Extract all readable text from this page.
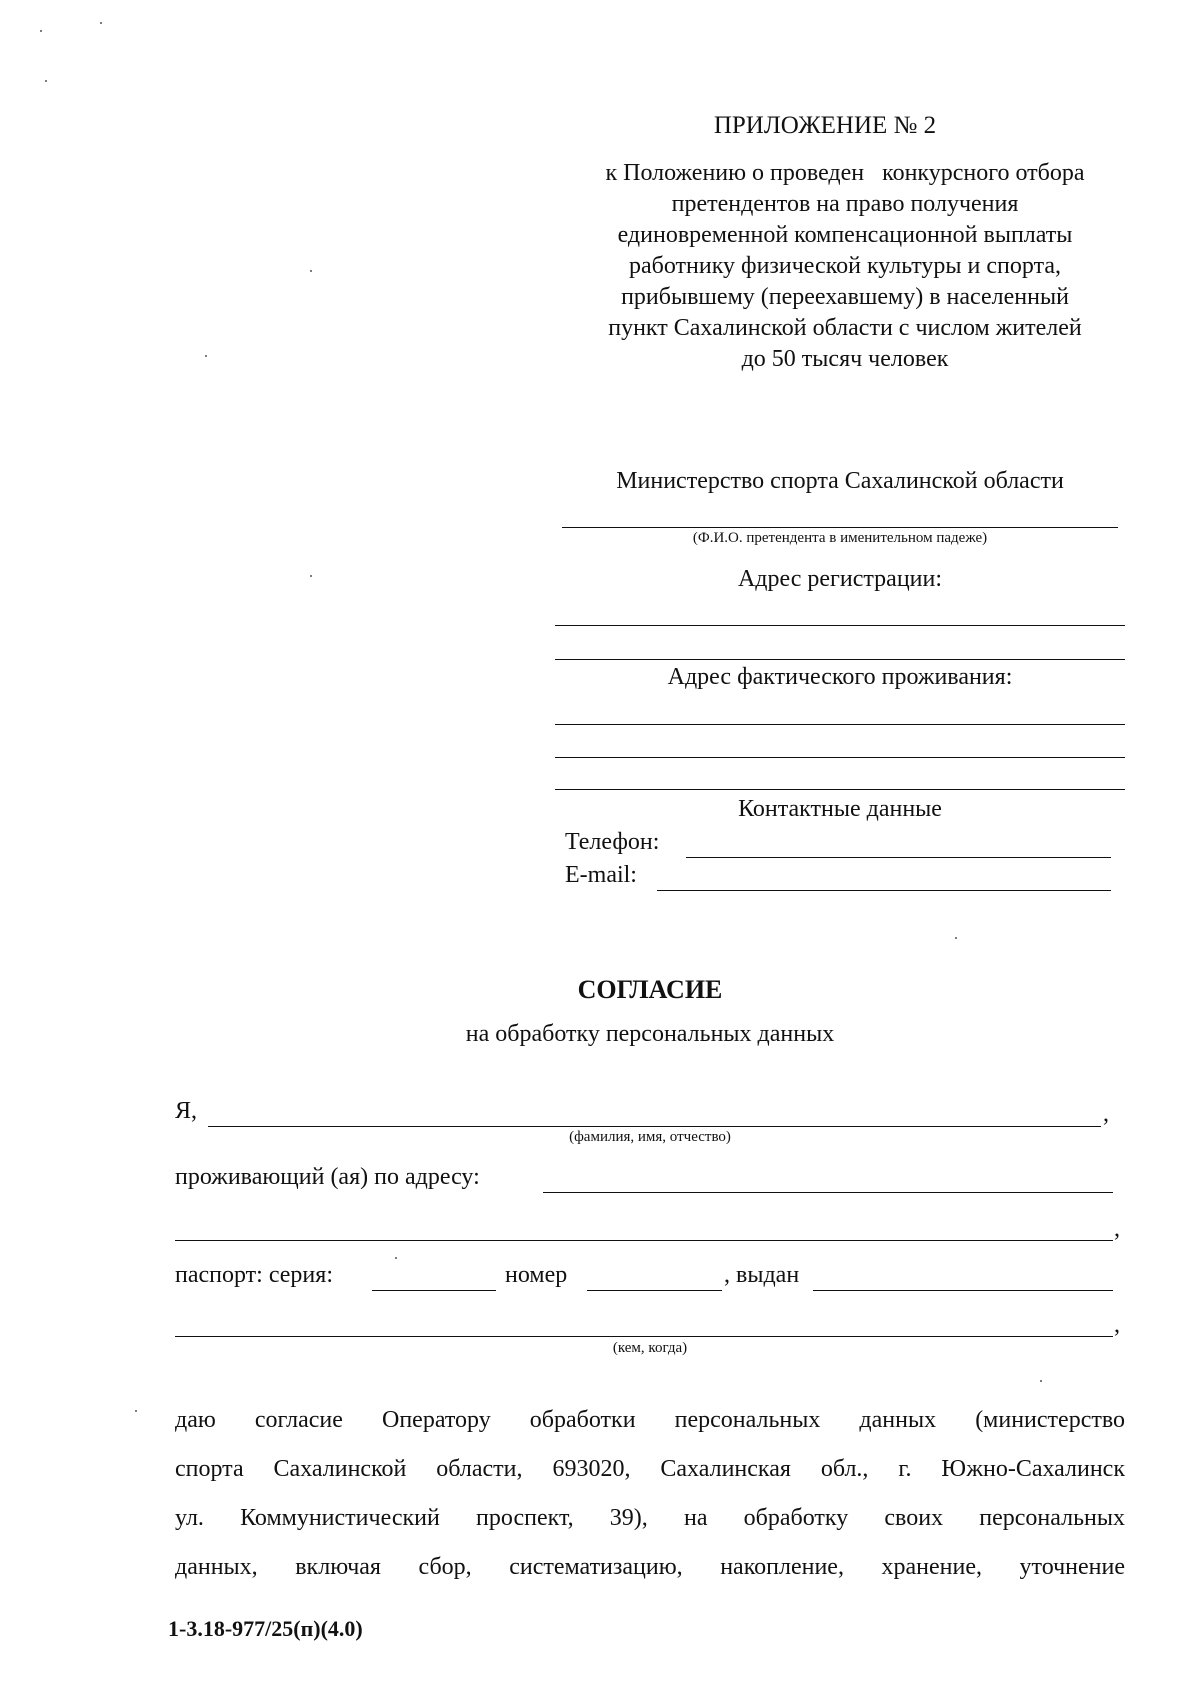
ПРИЛОЖЕНИЕ № 2
к Положению о проведен   конкурсного отбора
претендентов на право получения
единовременной компенсационной выплаты
работнику физической культуры и спорта,
прибывшему (переехавшему) в населенный
пункт Сахалинской области с числом жителей
до 50 тысяч человек
Министерство спорта Сахалинской области
(Ф.И.О. претендента в именительном падеже)
Адрес регистрации:
Адрес фактического проживания:
Контактные данные
Телефон:
E-mail:
СОГЛАСИЕ
на обработку персональных данных
Я,	,
(фамилия, имя, отчество)
проживающий (ая) по адресу:
,
паспорт: серия:	номер	, выдан
,
(кем, когда)
даю согласие Оператору обработки персональных данных (министерство
спорта Сахалинской области, 693020, Сахалинская обл., г. Южно-Сахалинск
ул. Коммунистический проспект, 39), на обработку своих персональных
данных, включая сбор, систематизацию, накопление, хранение, уточнение
1-3.18-977/25(п)(4.0)
